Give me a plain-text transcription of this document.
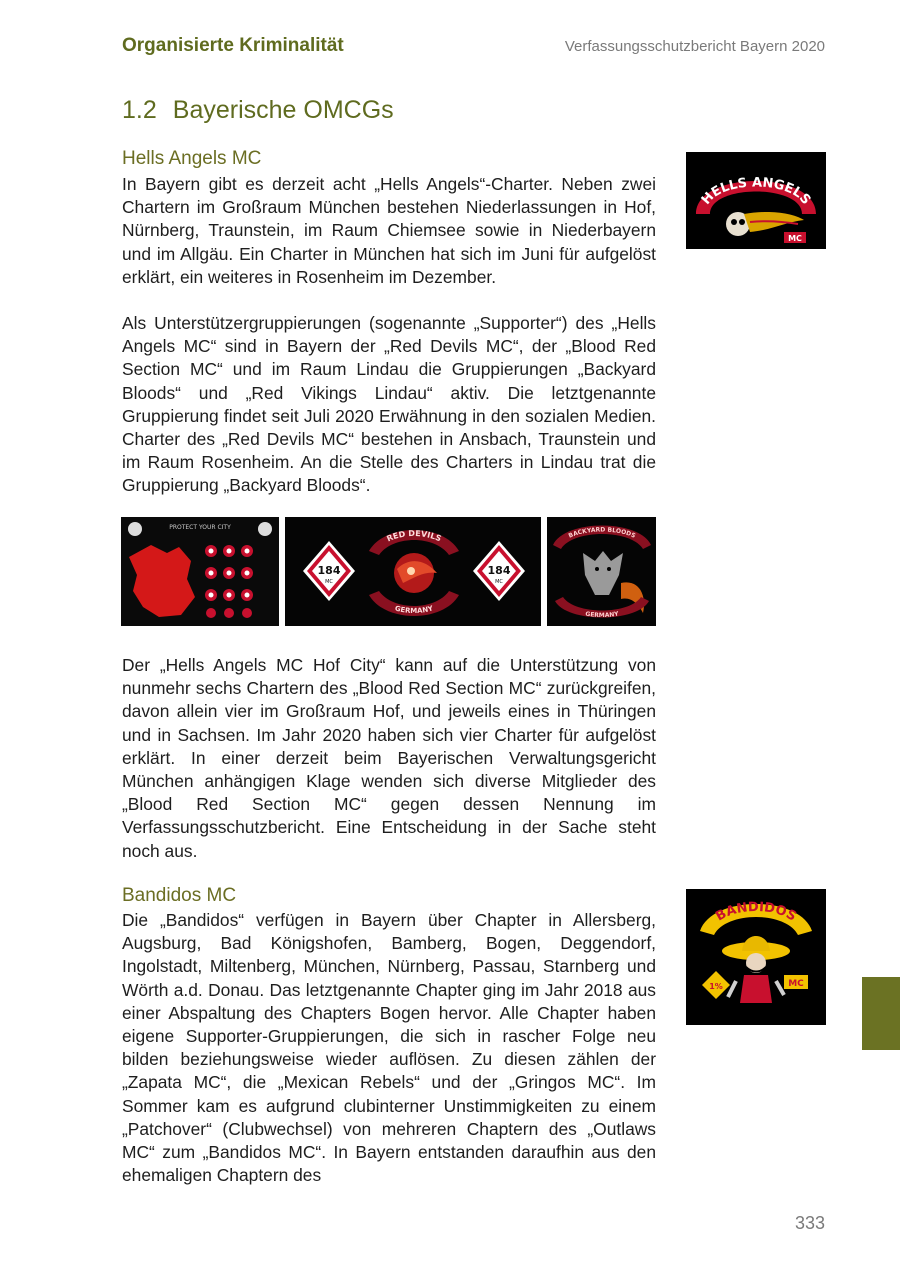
Organisierte Kriminalität	Verfassungsschutzbericht Bayern 2020
1.2 Bayerische OMCGs
Hells Angels MC

In Bayern gibt es derzeit acht „Hells Angels“-Charter. Neben zwei Chartern im Großraum München bestehen Niederlassungen in Hof, Nürnberg, Traunstein, im Raum Chiemsee sowie in Niederbayern und im Allgäu. Ein Charter in München hat sich im Juni für aufgelöst erklärt, ein weiteres in Rosenheim im Dezember.

HELLS ANGELS
MC

Als Unterstützergruppierungen (sogenannte „Supporter“) des „Hells Angels MC“ sind in Bayern der „Red Devils MC“, der „Blood Red Section MC“ und im Raum Lindau die Gruppierungen „Backyard Bloods“ und „Red Vikings Lindau“ aktiv. Die letztgenannte Gruppierung findet seit Juli 2020 Erwähnung in den sozialen Medien. Charter des „Red Devils MC“ bestehen in Ansbach, Traunstein und im Raum Rosenheim. An die Stelle des Charters in Lindau trat die Gruppierung „Backyard Bloods“.

PROTECT YOUR CITY
184
MC
184
MC
RED DEVILS
GERMANY
BACKYARD BLOODS
GERMANY

Der „Hells Angels MC Hof City“ kann auf die Unterstützung von nunmehr sechs Chartern des „Blood Red Section MC“ zurückgreifen, davon allein vier im Großraum Hof, und jeweils eines in Thüringen und in Sachsen. Im Jahr 2020 haben sich vier Charter für aufgelöst erklärt. In einer derzeit beim Bayerischen Verwaltungsgericht München anhängigen Klage wenden sich diverse Mitglieder des „Blood Red Section MC“ gegen dessen Nennung im Verfassungsschutzbericht. Eine Entscheidung in der Sache steht noch aus.

Bandidos MC

Die „Bandidos“ verfügen in Bayern über Chapter in Allersberg, Augsburg, Bad Königshofen, Bamberg, Bogen, Deggendorf, Ingolstadt, Miltenberg, München, Nürnberg, Passau, Starnberg und Wörth a.d. Donau. Das letztgenannte Chapter ging im Jahr 2018 aus einer Abspaltung des Chapters Bogen hervor. Alle Chapter haben eigene Supporter-Gruppierungen, die sich in rascher Folge neu bilden beziehungsweise wieder auflösen. Zu diesen zählen der „Zapata MC“, die „Mexican Rebels“ und der „Gringos MC“. Im Sommer kam es aufgrund clubinterner Unstimmigkeiten zu einem „Patchover“ (Clubwechsel) von mehreren Chaptern des „Outlaws MC“ zum „Bandidos MC“. In Bayern entstanden daraufhin aus den ehemaligen Chaptern des

BANDIDOS
1%	MC
333
